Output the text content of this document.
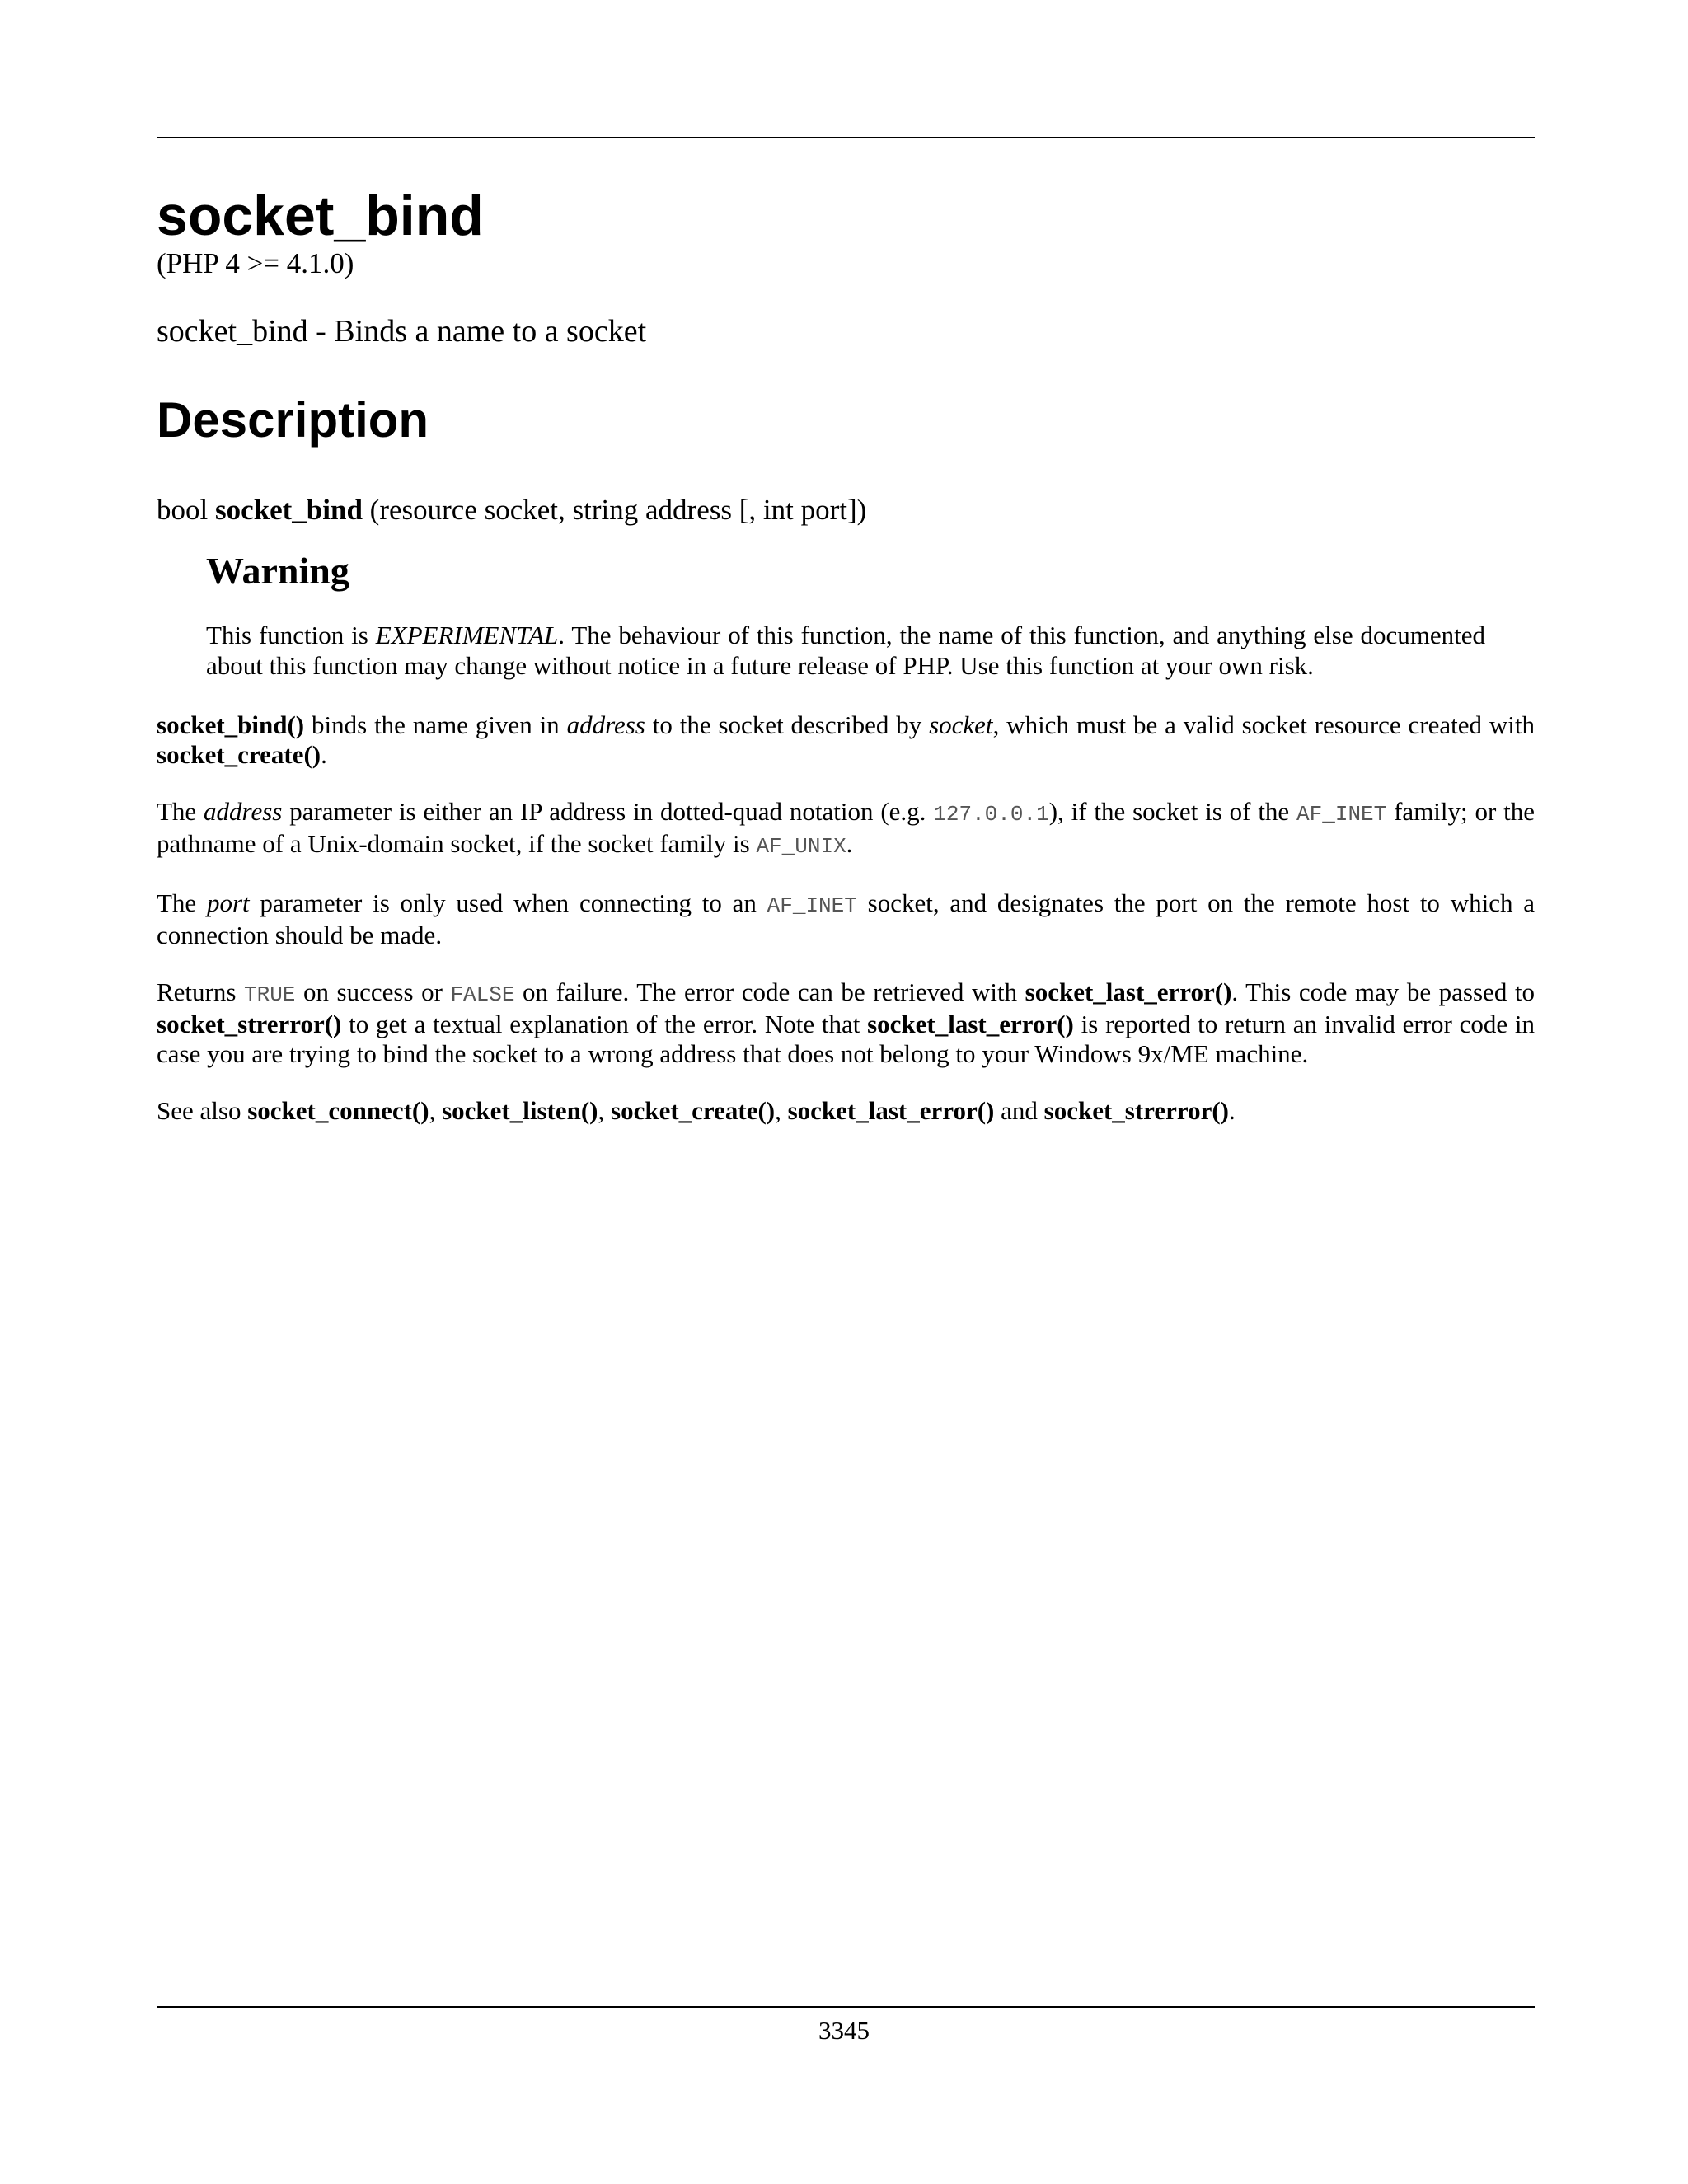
socket_bind
(PHP 4 >= 4.1.0)
socket_bind - Binds a name to a socket
Description
bool socket_bind (resource socket, string address [, int port])
Warning
This function is EXPERIMENTAL. The behaviour of this function, the name of this function, and anything else documented about this function may change without notice in a future release of PHP. Use this function at your own risk.

socket_bind() binds the name given in address to the socket described by socket, which must be a valid socket resource created with socket_create().

The address parameter is either an IP address in dotted-quad notation (e.g. 127.0.0.1), if the socket is of the AF_INET family; or the pathname of a Unix-domain socket, if the socket family is AF_UNIX.

The port parameter is only used when connecting to an AF_INET socket, and designates the port on the remote host to which a connection should be made.

Returns TRUE on success or FALSE on failure. The error code can be retrieved with socket_last_error(). This code may be passed to socket_strerror() to get a textual explanation of the error. Note that socket_last_error() is reported to return an invalid error code in case you are trying to bind the socket to a wrong address that does not belong to your Windows 9x/ME machine.

See also socket_connect(), socket_listen(), socket_create(), socket_last_error() and socket_strerror().

3345
